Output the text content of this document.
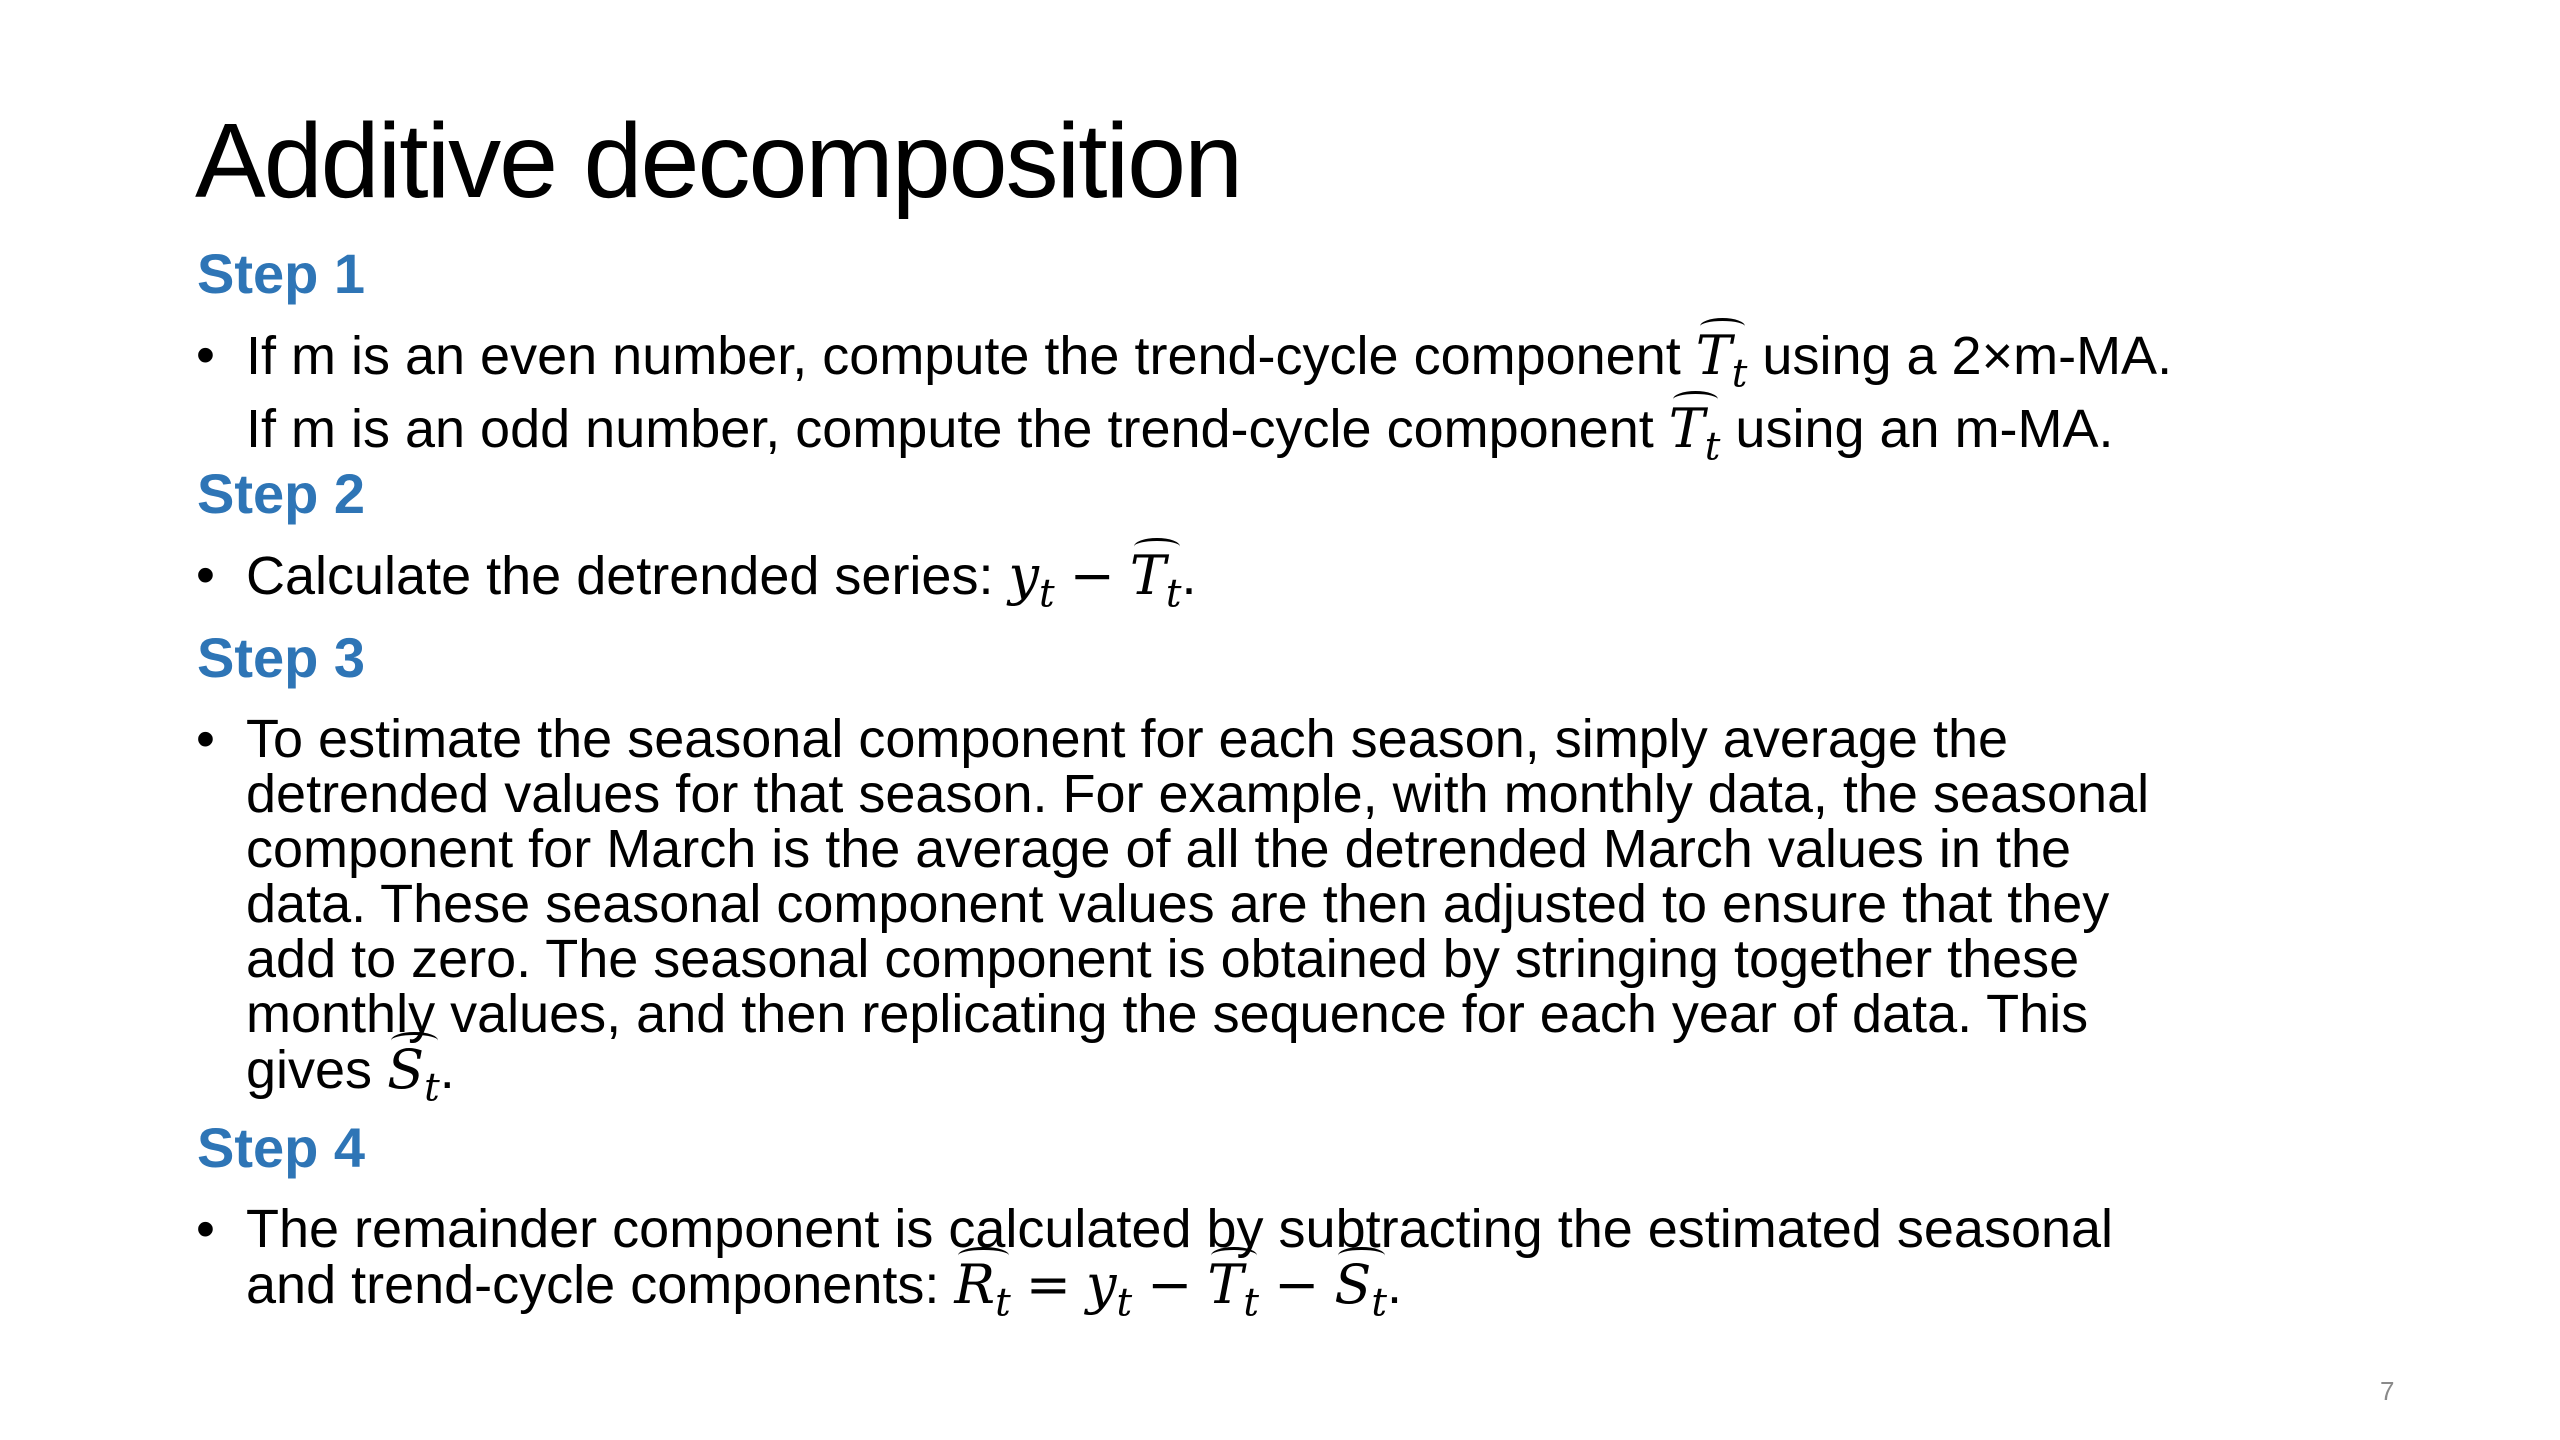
Additive decomposition
Step 1
• If m is an even number, compute the trend-cycle component $T_t$ using a 2×m-MA.
If m is an odd number, compute the trend-cycle component $T_t$ using an m-MA.
Step 2
• Calculate the detrended series: $y_t - T_t$.
Step 3
• To estimate the seasonal component for each season, simply average the
detrended values for that season. For example, with monthly data, the seasonal
component for March is the average of all the detrended March values in the
data. These seasonal component values are then adjusted to ensure that they
add to zero. The seasonal component is obtained by stringing together these
monthly values, and then replicating the sequence for each year of data. This
gives $S_t$.
Step 4
• The remainder component is calculated by subtracting the estimated seasonal
and trend-cycle components: $R_t = y_t - T_t - S_t$.
7
